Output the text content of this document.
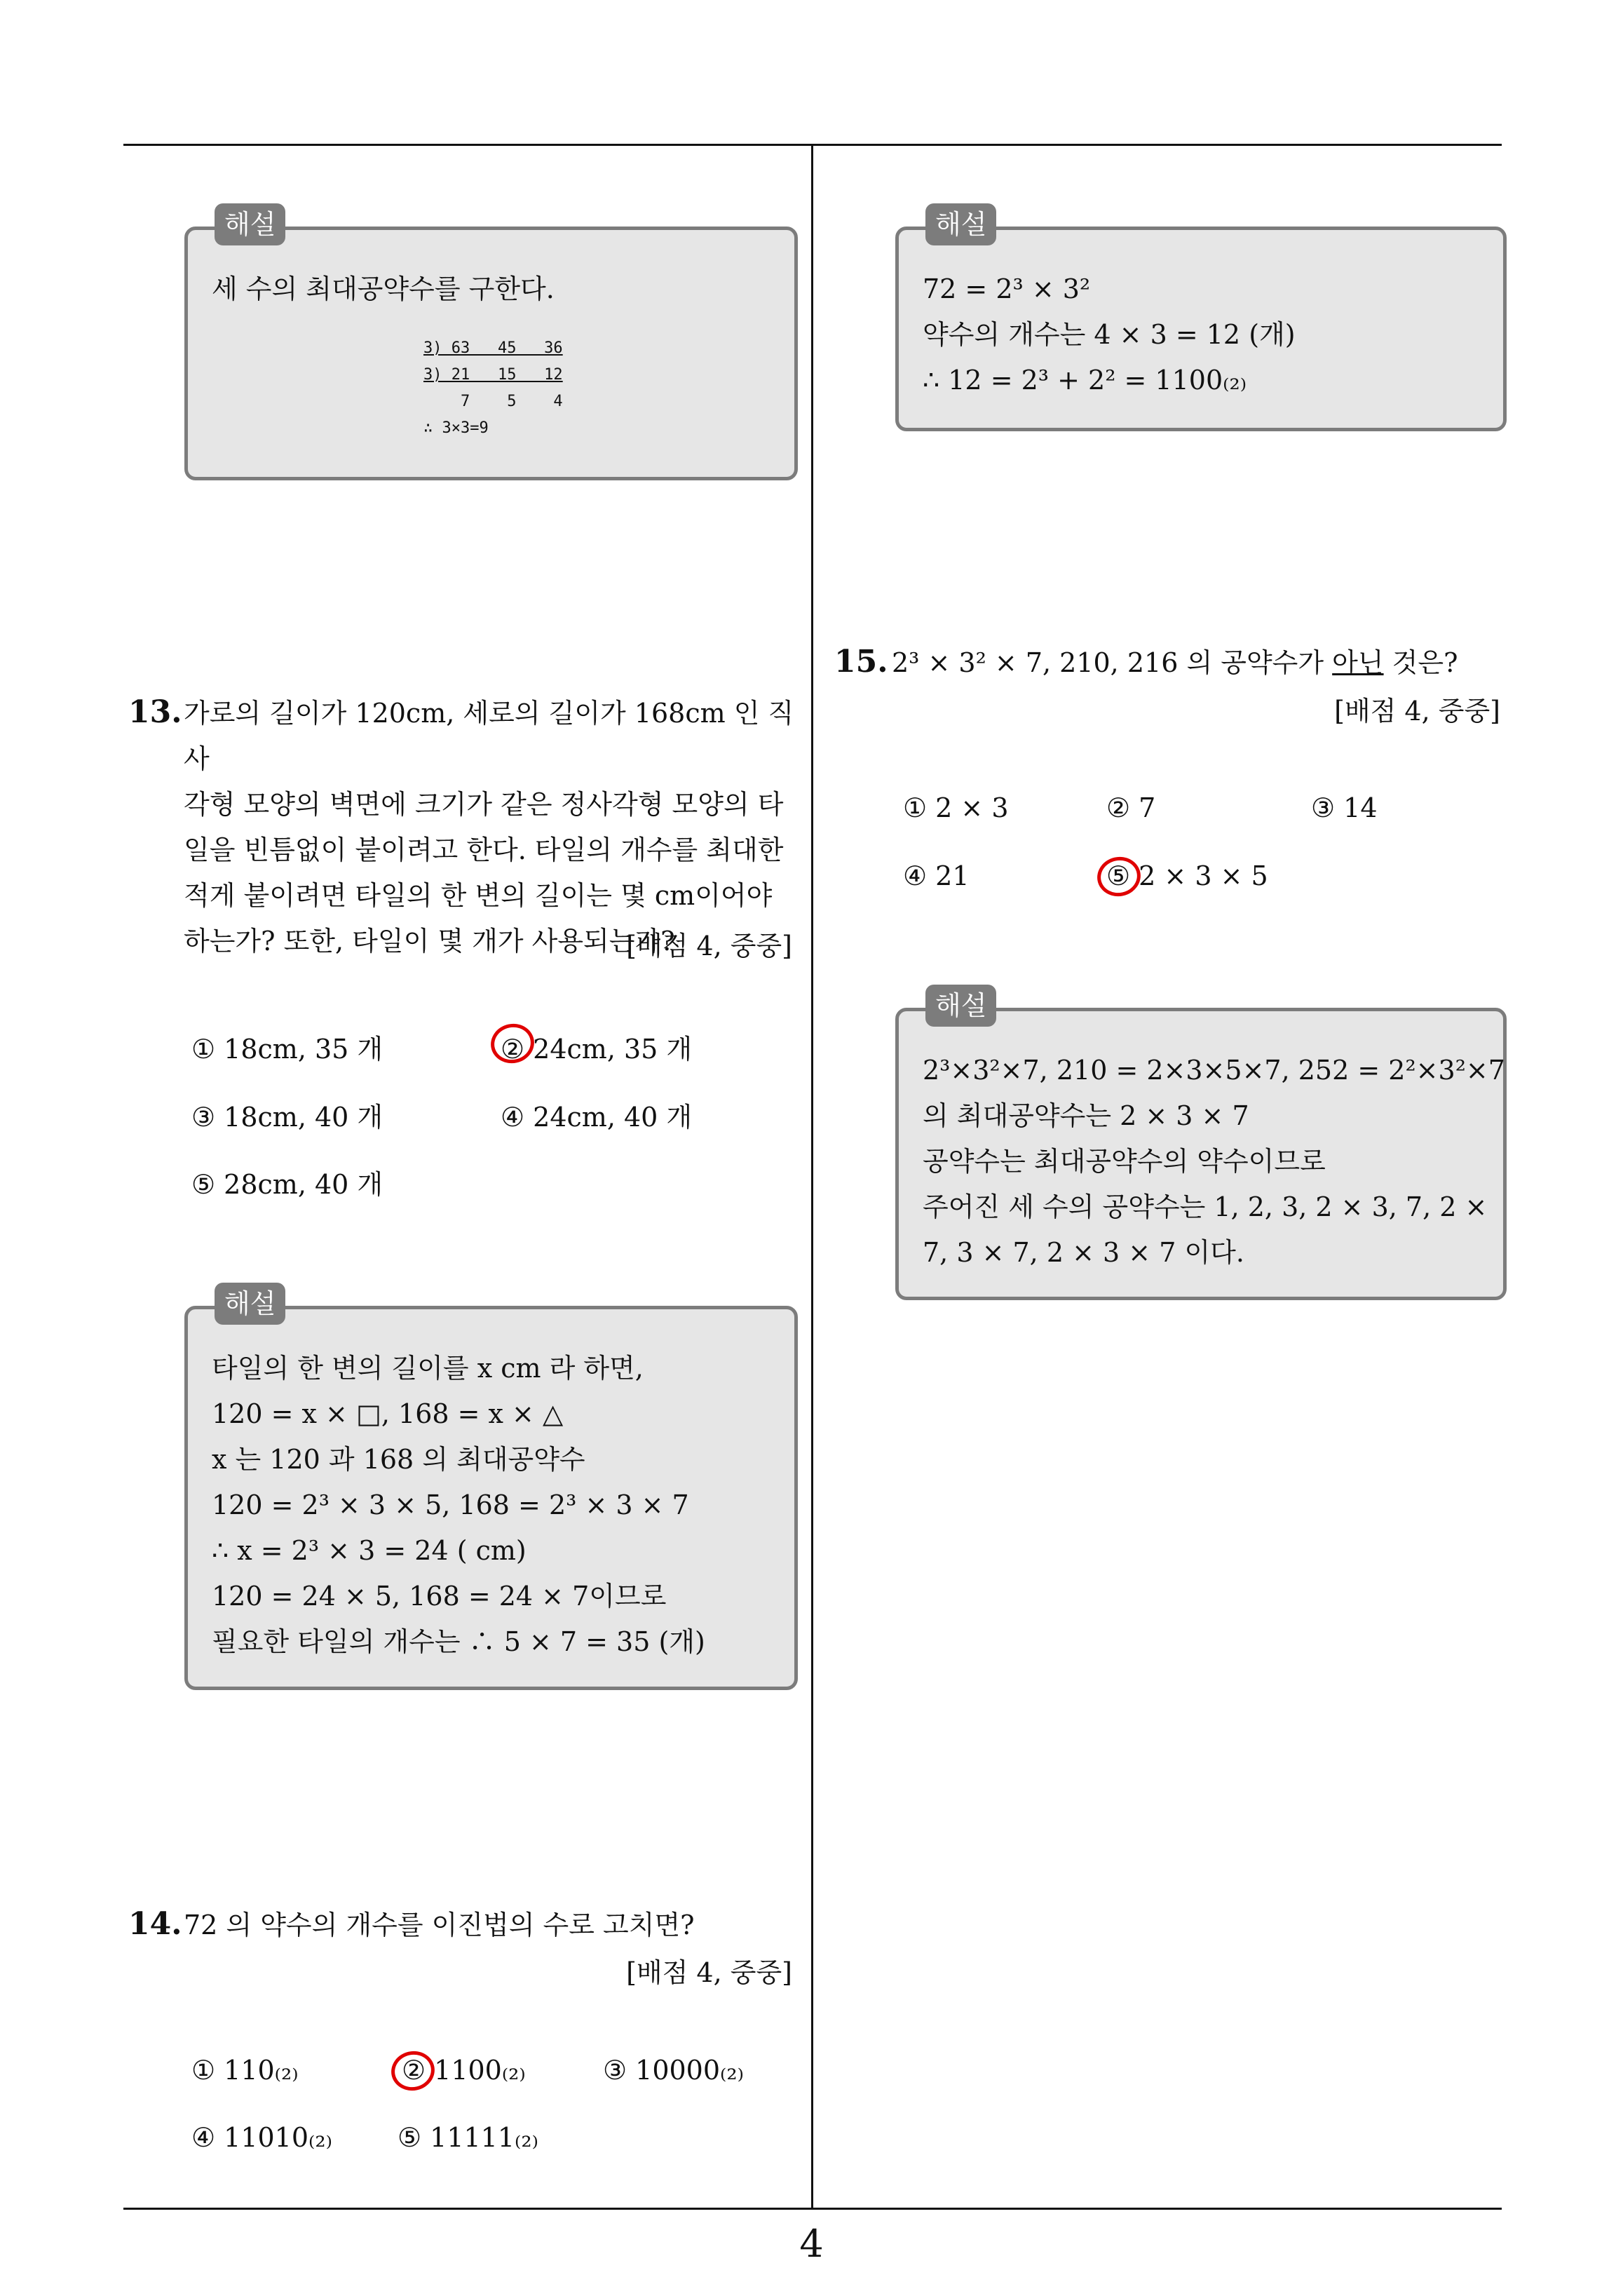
해설
세 수의 최대공약수를 구한다.
3) 63   45   36
3) 21   15   12
7    5    4
∴ 3×3=9
해설
72 = 2³ × 3²
약수의 개수는 4 × 3 = 12 (개)
∴ 12 = 2³ + 2² = 1100₍₂₎
13. 가로의 길이가 120cm, 세로의 길이가 168cm 인 직사
각형 모양의 벽면에 크기가 같은 정사각형 모양의 타
일을 빈틈없이 붙이려고 한다. 타일의 개수를 최대한
적게 붙이려면 타일의 한 변의 길이는 몇 cm이어야
하는가? 또한, 타일이 몇 개가 사용되는가?
[배점 4, 중중]
① 18cm, 35 개	② 24cm, 35 개
③ 18cm, 40 개	④ 24cm, 40 개
⑤ 28cm, 40 개
해설
타일의 한 변의 길이를 x cm 라 하면,
120 = x × □, 168 = x × △
x 는 120 과 168 의 최대공약수
120 = 2³ × 3 × 5, 168 = 2³ × 3 × 7
∴ x = 2³ × 3 = 24 ( cm)
120 = 24 × 5, 168 = 24 × 7이므로
필요한 타일의 개수는 ∴ 5 × 7 = 35 (개)
14. 72 의 약수의 개수를 이진법의 수로 고치면?
[배점 4, 중중]
① 110₍₂₎	② 1100₍₂₎	③ 10000₍₂₎
④ 11010₍₂₎ ⑤ 11111₍₂₎
15. 2³ × 3² × 7, 210, 216 의 공약수가 아닌 것은?
[배점 4, 중중]
① 2 × 3	② 7	③ 14
④ 21	⑤ 2 × 3 × 5
해설
2³×3²×7, 210 = 2×3×5×7, 252 = 2²×3²×7
의 최대공약수는 2 × 3 × 7
공약수는 최대공약수의 약수이므로
주어진 세 수의 공약수는 1, 2, 3, 2 × 3, 7, 2 ×
7, 3 × 7, 2 × 3 × 7 이다.
4
